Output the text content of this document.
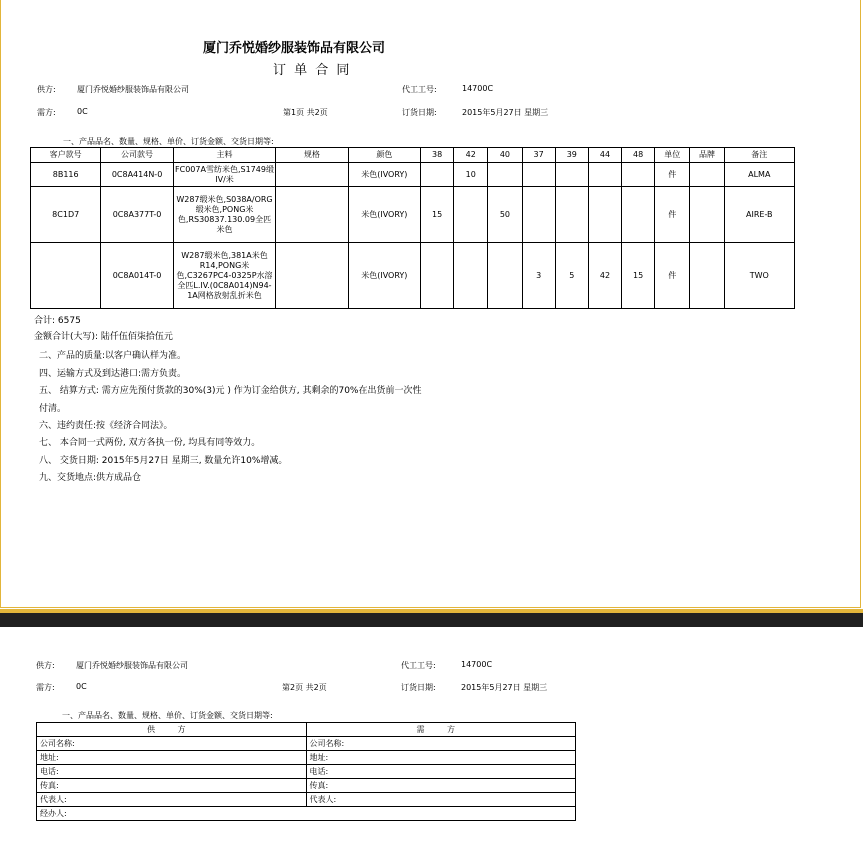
厦门乔悦婚纱服装饰品有限公司
订 单 合 同
供方:	厦门乔悦婚纱服装饰品有限公司	代工工号:	14700C
需方:	0C	第1页 共2页	订货日期:	2015年5月27日 星期三
一、产品品名、数量、规格、单价、订货金额、交货日期等:
客户款号	公司款号	主料	规格	颜色	38	42	40	37	39	44	48	单位	品牌	备注
8B116	0C8A414N-0	FC007A雪纺米色,S1749缎IV/米		米色(IVORY)		10						件		ALMA
8C1D7	0C8A377T-0	W287缎米色,S038A/ORG缎米色,PONG米色,RS30837.130.09全匹米色		米色(IVORY)	15		50					件		AIRE-B
	0C8A014T-0	W287缎米色,381A米色R14,PONG米色,C3267PC4-0325P水溶全匹L.IV.(0C8A014)N94-1A网格放射乱折米色		米色(IVORY)				3	5	42	15	件		TWO
合计: 6575
金额合计(大写): 陆仟伍佰柒拾伍元
二、产品的质量:以客户确认样为准。
四、运输方式及到达港口:需方负责。
五、 结算方式: 需方应先预付货款的30%(3)元 ) 作为订金给供方, 其剩余的70%在出货前一次性
付清。
六、违约责任:按《经济合同法》。
七、 本合同一式两份, 双方各执一份, 均具有同等效力。
八、 交货日期: 2015年5月27日 星期三, 数量允许10%增减。
九、交货地点:供方成品仓
供方:	厦门乔悦婚纱服装饰品有限公司	代工工号:	14700C
需方:	0C	第2页 共2页	订货日期:	2015年5月27日 星期三
一、产品品名、数量、规格、单价、订货金额、交货日期等:
供 方	需 方
公司名称:	公司名称:
地址:	地址:
电话:	电话:
传真:	传真:
代表人:	代表人:
经办人:	
